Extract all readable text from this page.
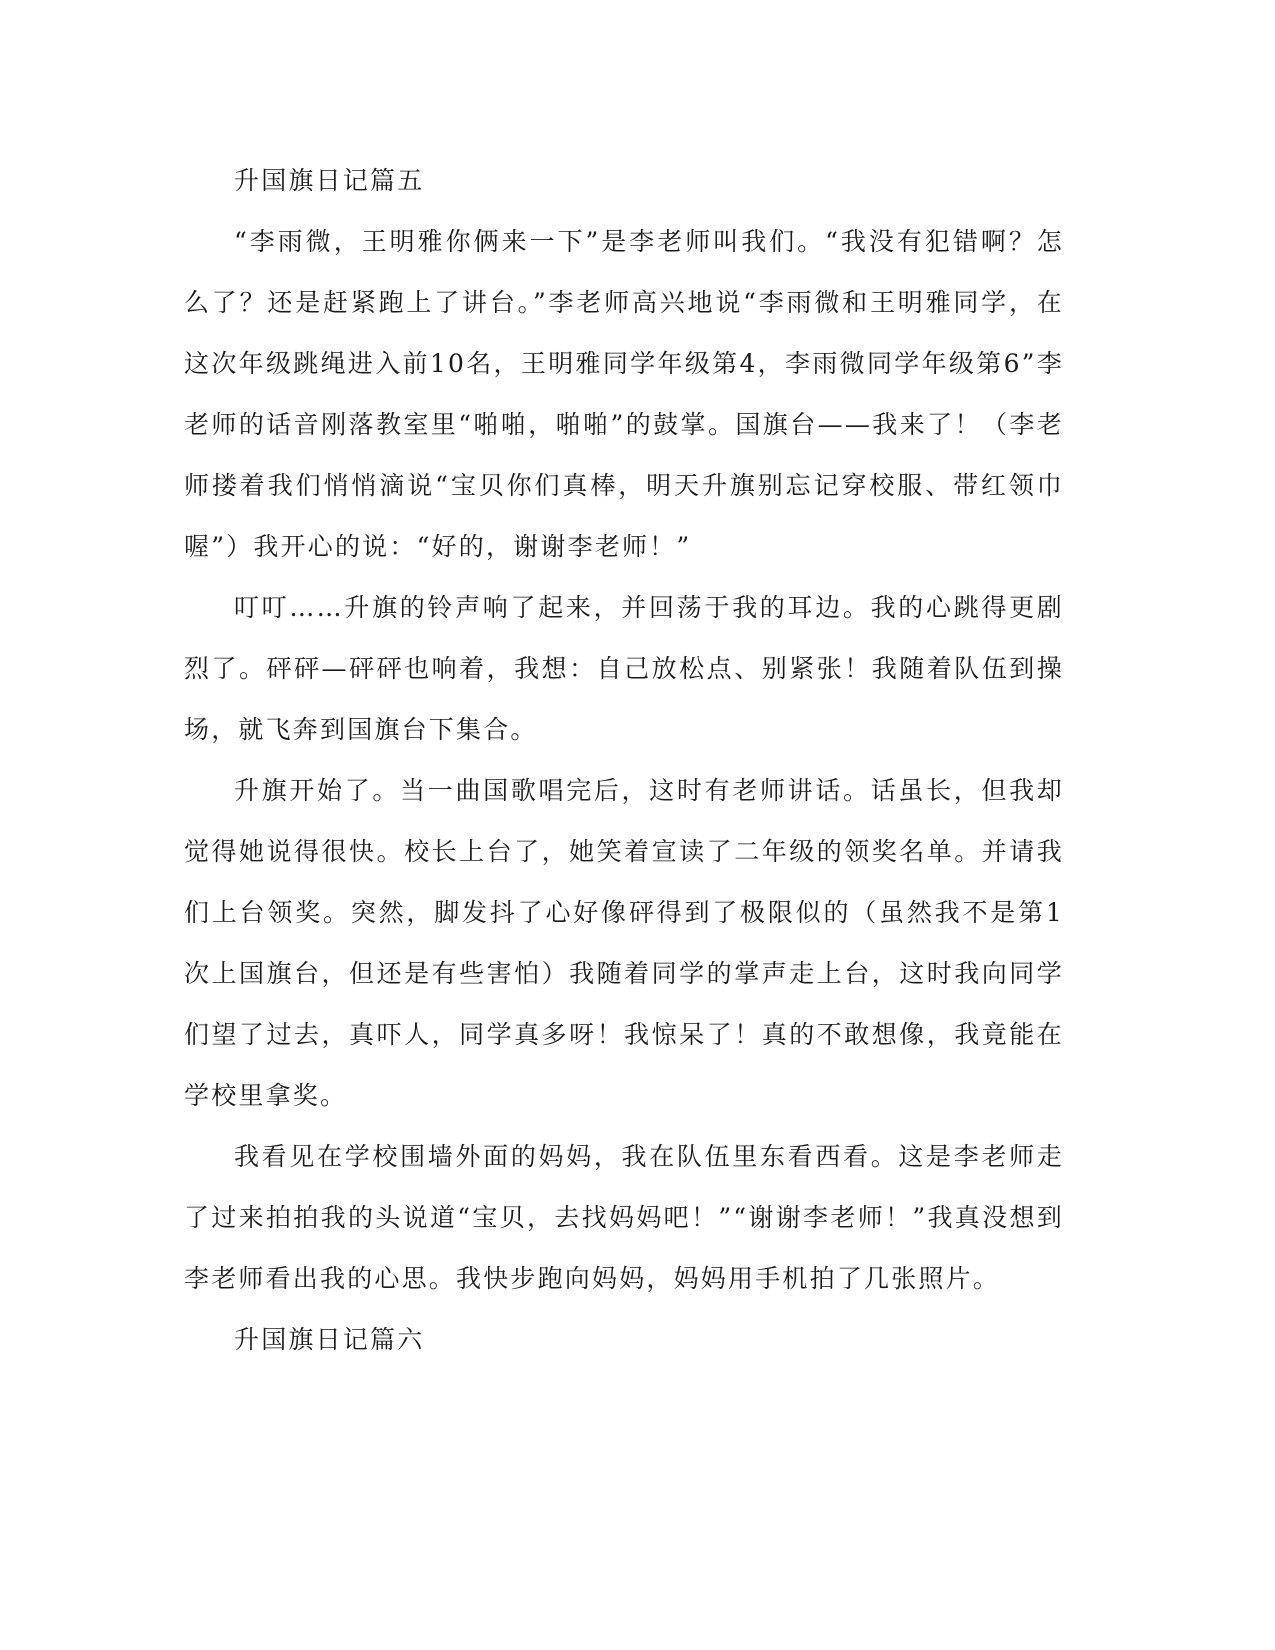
升国旗日记篇五

“李雨微，王明雅你俩来一下”是李老师叫我们。“我没有犯错啊？怎么了？还是赶紧跑上了讲台。”李老师高兴地说“李雨微和王明雅同学，在这次年级跳绳进入前10名，王明雅同学年级第4，李雨微同学年级第6”李老师的话音刚落教室里“啪啪，啪啪”的鼓掌。国旗台——我来了！（李老师搂着我们悄悄滴说“宝贝你们真棒，明天升旗别忘记穿校服、带红领巾喔”）我开心的说：“好的，谢谢李老师！”

叮叮……升旗的铃声响了起来，并回荡于我的耳边。我的心跳得更剧烈了。砰砰—砰砰也响着，我想：自己放松点、别紧张！我随着队伍到操场，就飞奔到国旗台下集合。

升旗开始了。当一曲国歌唱完后，这时有老师讲话。话虽长，但我却觉得她说得很快。校长上台了，她笑着宣读了二年级的领奖名单。并请我们上台领奖。突然，脚发抖了心好像砰得到了极限似的（虽然我不是第1次上国旗台，但还是有些害怕）我随着同学的掌声走上台，这时我向同学们望了过去，真吓人，同学真多呀！我惊呆了！真的不敢想像，我竟能在学校里拿奖。

我看见在学校围墙外面的妈妈，我在队伍里东看西看。这是李老师走了过来拍拍我的头说道“宝贝，去找妈妈吧！”“谢谢李老师！”我真没想到李老师看出我的心思。我快步跑向妈妈，妈妈用手机拍了几张照片。

升国旗日记篇六
